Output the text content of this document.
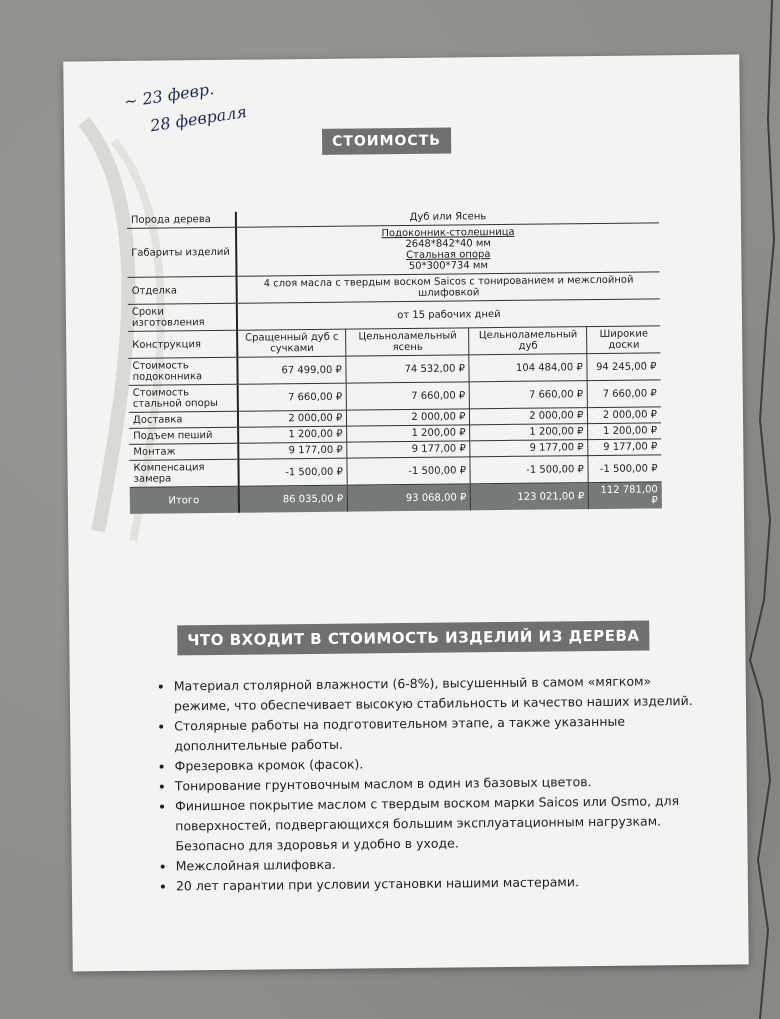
~ 23 февр.
28 февраля
СТОИМОСТЬ
Порода дерева	Дуб или Ясень			
Габариты изделий	Подоконник-столешница
2648*842*40 мм
Стальная опора
50*300*734 мм			

Отделка	4 слоя масла с твердым воском Saicos с тонированием и межслойной шлифовкой			
Сроки изготовления	от 15 рабочих дней			
Конструкция	Сращенный дуб с сучками	Цельноламельный ясень	Цельноламельный дуб	Широкие доски
Стоимость подоконника	67 499,00 ₽	74 532,00 ₽	104 484,00 ₽	94 245,00 ₽
Стоимость стальной опоры	7 660,00 ₽	7 660,00 ₽	7 660,00 ₽	7 660,00 ₽
Доставка	2 000,00 ₽	2 000,00 ₽	2 000,00 ₽	2 000,00 ₽
Подъем пеший	1 200,00 ₽	1 200,00 ₽	1 200,00 ₽	1 200,00 ₽
Монтаж	9 177,00 ₽	9 177,00 ₽	9 177,00 ₽	9 177,00 ₽
Компенсация замера	-1 500,00 ₽	-1 500,00 ₽	-1 500,00 ₽	-1 500,00 ₽
Итого	86 035,00 ₽	93 068,00 ₽	123 021,00 ₽	112 781,00 ₽
ЧТО ВХОДИТ В СТОИМОСТЬ ИЗДЕЛИЙ ИЗ ДЕРЕВА
• Материал столярной влажности (6-8%), высушенный в самом «мягком» режиме, что обеспечивает высокую стабильность и качество наших изделий.
• Столярные работы на подготовительном этапе, а также указанные дополнительные работы.
• Фрезеровка кромок (фасок).
• Тонирование грунтовочным маслом в один из базовых цветов.
• Финишное покрытие маслом с твердым воском марки Saicos или Osmo, для поверхностей, подвергающихся большим эксплуатационным нагрузкам. Безопасно для здоровья и удобно в уходе.
• Межслойная шлифовка.
• 20 лет гарантии при условии установки нашими мастерами.
